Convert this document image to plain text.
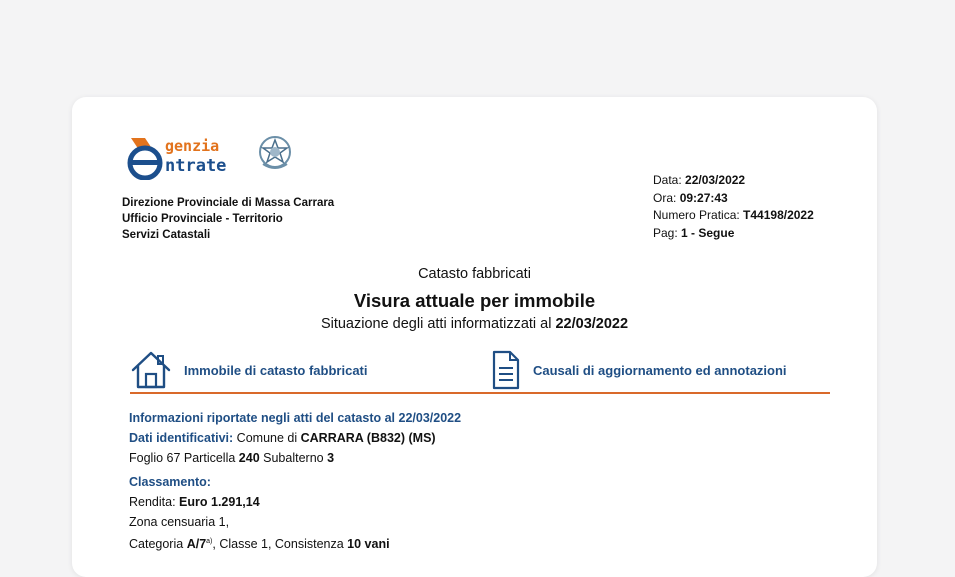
genzia
ntrate
Direzione Provinciale di Massa Carrara
Ufficio Provinciale - Territorio
Servizi Catastali
Data: 22/03/2022
Ora: 09:27:43
Numero Pratica: T44198/2022
Pag: 1 - Segue
Catasto fabbricati
Visura attuale per immobile
Situazione degli atti informatizzati al 22/03/2022
Immobile di catasto fabbricati	Causali di aggiornamento ed annotazioni
Informazioni riportate negli atti del catasto al 22/03/2022
Dati identificativi: Comune di CARRARA (B832) (MS)
Foglio 67 Particella 240 Subalterno 3
Classamento:
Rendita: Euro 1.291,14
Zona censuaria 1,
Categoria A/7$^{a)}$, Classe 1, Consistenza 10 vani
